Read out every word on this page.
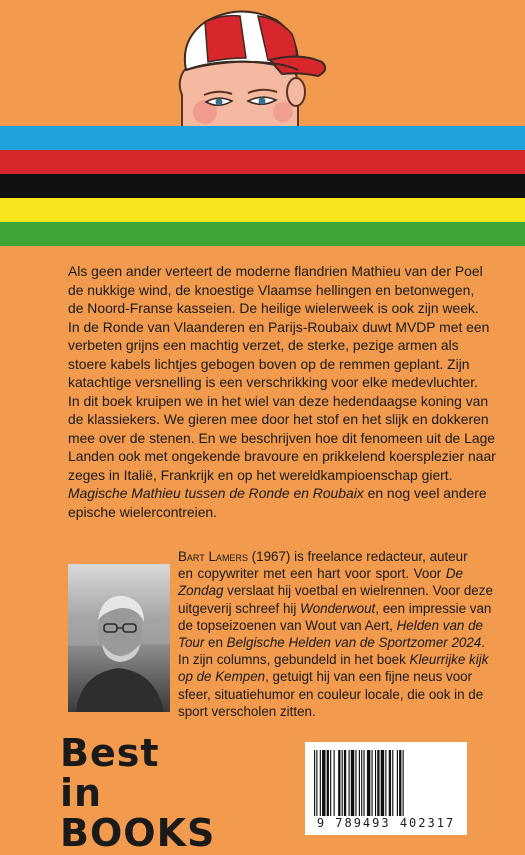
Als geen ander verteert de moderne flandrien Mathieu van der Poel
de nukkige wind, de knoestige Vlaamse hellingen en betonwegen,
de Noord-Franse kasseien. De heilige wielerweek is ook zijn week.
In de Ronde van Vlaanderen en Parijs-Roubaix duwt MVDP met een
verbeten grijns een machtig verzet, de sterke, pezige armen als
stoere kabels lichtjes gebogen boven op de remmen geplant. Zijn
katachtige versnelling is een verschrikking voor elke medevluchter.
In dit boek kruipen we in het wiel van deze hedendaagse koning van
de klassiekers. We gieren mee door het stof en het slijk en dokkeren
mee over de stenen. En we beschrijven hoe dit fenomeen uit de Lage
Landen ook met ongekende bravoure en prikkelend koersplezier naar
zeges in Italië, Frankrijk en op het wereldkampioenschap giert.
Magische Mathieu tussen de Ronde en Roubaix en nog veel andere
epische wielercontreien.

Bart Lamers (1967) is freelance redacteur, auteur
en copywriter met een hart voor sport. Voor De
Zondag verslaat hij voetbal en wielrennen. Voor deze
uitgeverij schreef hij Wonderwout, een impressie van
de topseizoenen van Wout van Aert, Helden van de
Tour en Belgische Helden van de Sportzomer 2024.
In zijn columns, gebundeld in het boek Kleurrijke kijk
op de Kempen, getuigt hij van een fijne neus voor
sfeer, situatiehumor en couleur locale, die ook in de
sport verscholen zitten.

Best in
BOOKS	9 789493 402317
